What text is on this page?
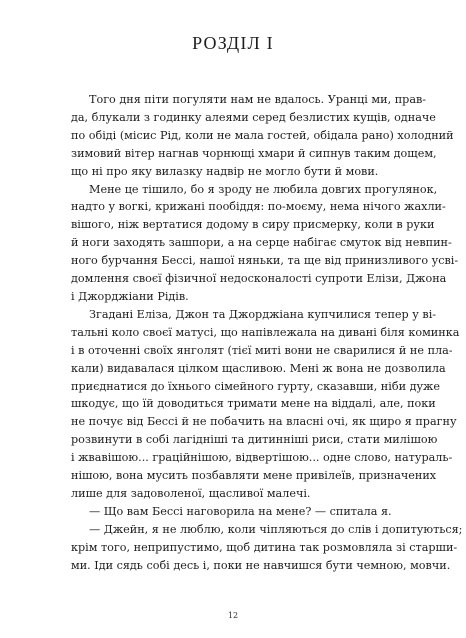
РОЗДІЛ І
Того дня піти погуляти нам не вдалось. Уранці ми, прав-
да, блукали з годинку алеями серед безлистих кущів, одначе
по обіді (місис Рід, коли не мала гостей, обідала рано) холодний
зимовий вітер нагнав чорнющі хмари й сипнув таким дощем,
що ні про яку вилазку надвір не могло бути й мови.
Мене це тішило, бо я зроду не любила довгих прогулянок,
надто у вогкі, крижані пообіддя: по-моєму, нема нічого жахли-
вішого, ніж вертатися додому в сиру присмерку, коли в руки
й ноги заходять зашпори, а на серце набігає смуток від невпин-
ного бурчання Бессі, нашої няньки, та ще від принизливого усві-
домлення своєї фізичної недосконалості супроти Елізи, Джона
і Джорджіани Рідів.
Згадані Еліза, Джон та Джорджіана купчилися тепер у ві-
тальні коло своєї матусі, що напівлежала на дивані біля коминка
і в оточенні своїх янголят (тієї миті вони не сварилися й не пла-
кали) видавалася цілком щасливою. Мені ж вона не дозволила
приєднатися до їхнього сімейного гурту, сказавши, ніби дуже
шкодує, що їй доводиться тримати мене на віддалі, але, поки
не почує від Бессі й не побачить на власні очі, як щиро я прагну
розвинути в собі лагідніші та дитинніші риси, стати милішою
і жвавішою... грацiйнішою, відвертішою... одне слово, натураль-
нішою, вона мусить позбавляти мене привілеїв, призначених
лише для задоволеної, щасливої малечі.
— Що вам Бессі наговорила на мене? — спитала я.
— Джейн, я не люблю, коли чіпляються до слів і допитуються;
крім того, неприпустимо, щоб дитина так розмовляла зі старши-
ми. Іди сядь собі десь і, поки не навчишся бути чемною, мовчи.
12
